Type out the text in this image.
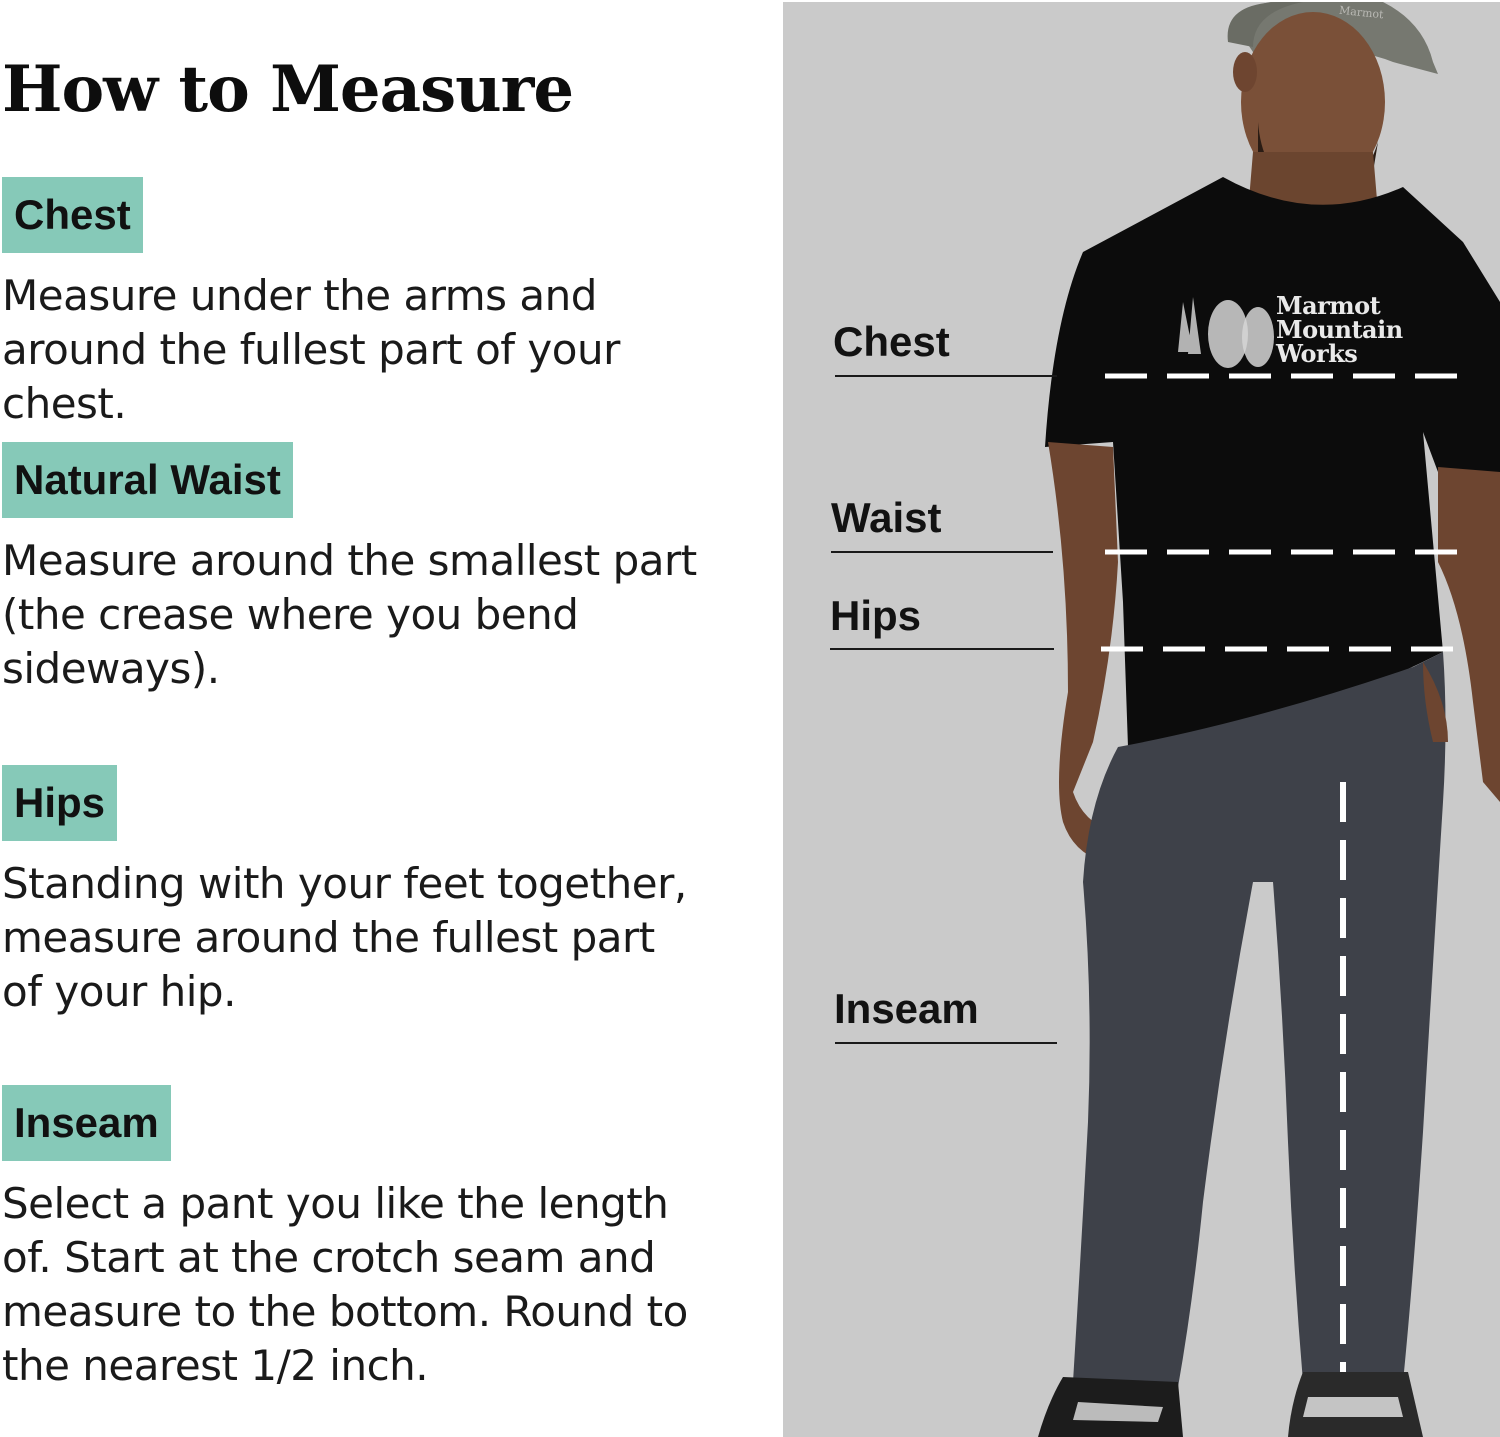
How to Measure
Chest

Measure under the arms and around the fullest part of your chest.

Natural Waist

Measure around the smallest part (the crease where you bend sideways).

Hips

Standing with your feet together, measure around the fullest part of your hip.

Inseam

Select a pant you like the length of. Start at the crotch seam and measure to the bottom. Round to the nearest 1/2 inch.

Marmot
Marmot
Mountain
Works
Chest
Waist
Hips
Inseam
